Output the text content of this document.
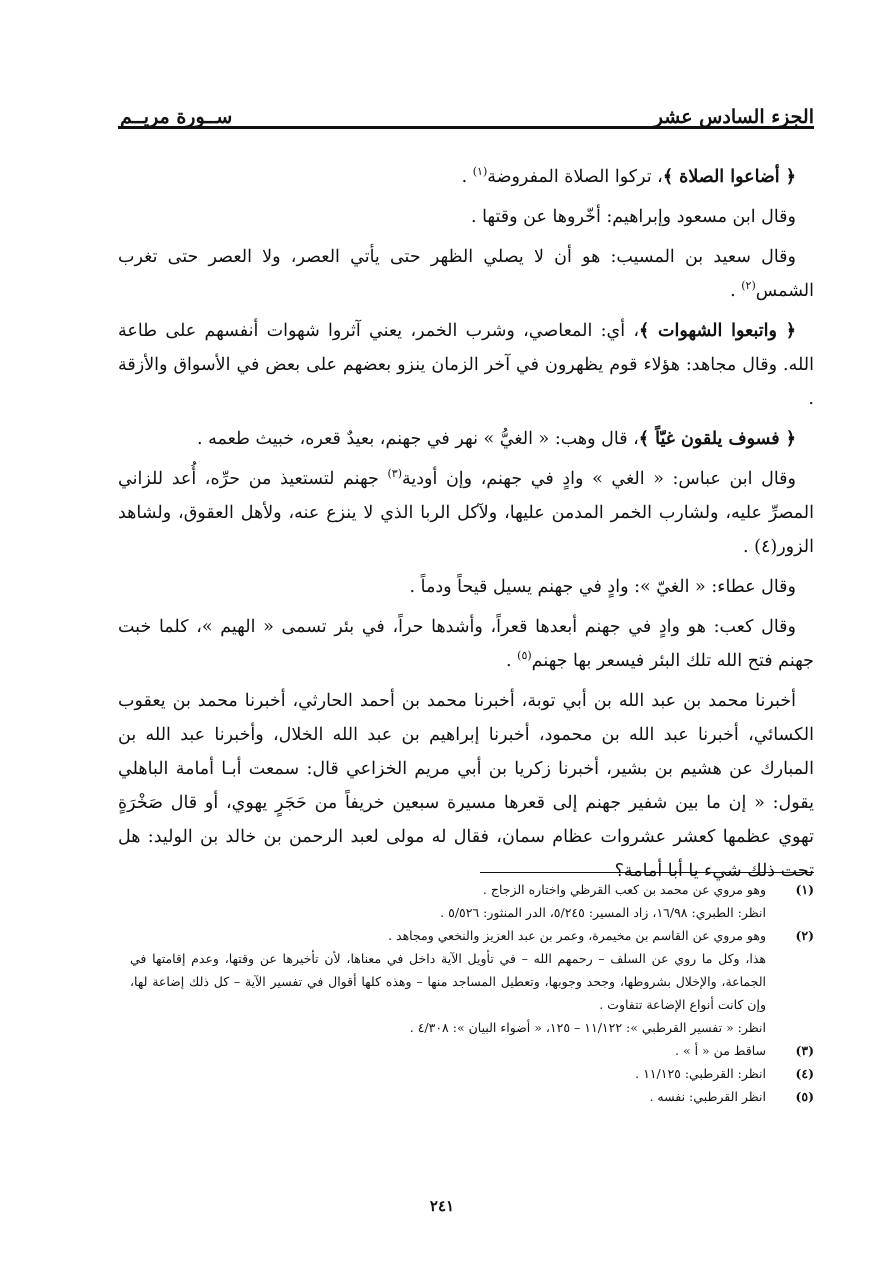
الجزء السادس عشر
ســورة مريــم

﴿ أضاعوا الصلاة ﴾، تركوا الصلاة المفروضة$^{(١)}$ .

وقال ابن مسعود وإبراهيم: أخّروها عن وقتها .

وقال سعيد بن المسيب: هو أن لا يصلي الظهر حتى يأتي العصر، ولا العصر حتى تغرب الشمس$^{(٢)}$ .

﴿ واتبعوا الشهوات ﴾، أي: المعاصي، وشرب الخمر، يعني آثروا شهوات أنفسهم على طاعة الله. وقال مجاهد: هؤلاء قوم يظهرون في آخر الزمان ينزو بعضهم على بعض في الأسواق والأزقة .

﴿ فسوف يلقون غيّاً ﴾، قال وهب: « الغيُّ » نهر في جهنم، بعيدٌ قعره، خبيث طعمه .

وقال ابن عباس: « الغي » وادٍ في جهنم، وإن أودية$^{(٣)}$ جهنم لتستعيذ من حرِّه، أُعد للزاني المصرِّ عليه، ولشارب الخمر المدمن عليها، ولآكل الربا الذي لا ينزع عنه، ولأهل العقوق، ولشاهد الزور(٤) .

وقال عطاء: « الغيّ »: وادٍ في جهنم يسيل قيحاً ودماً .

وقال كعب: هو وادٍ في جهنم أبعدها قعراً، وأشدها حراً، في بئر تسمى « الهيم »، كلما خبت جهنم فتح الله تلك البئر فيسعر بها جهنم$^{(٥)}$ .

أخبرنا محمد بن عبد الله بن أبي توبة، أخبرنا محمد بن أحمد الحارثي، أخبرنا محمد بن يعقوب الكسائي، أخبرنا عبد الله بن محمود، أخبرنا إبراهيم بن عبد الله الخلال، وأخبرنا عبد الله بن المبارك عن هشيم بن بشير، أخبرنا زكريا بن أبي مريم الخزاعي قال: سمعت أبـا أمامة الباهلي يقول: « إن ما بين شفير جهنم إلى قعرها مسيرة سبعين خريفاً من حَجَرٍ يهوي، أو قال صَخْرَةٍ تهوي عظمها كعشر عشروات عظام سمان، فقال له مولى لعبد الرحمن بن خالد بن الوليد: هل تحت ذلك شيء يا أبا أمامة؟

(١)
وهو مروي عن محمد بن كعب القرظي واختاره الزجاج .
انظر: الطبري: ١٦/٩٨، زاد المسير: ٥/٢٤٥، الدر المنثور: ٥/٥٢٦ .
(٢)
وهو مروي عن القاسم بن مخيمرة، وعمر بن عبد العزيز والنخعي ومجاهد .
هذا، وكل ما روي عن السلف – رحمهم الله – في تأويل الآية داخل في معناها، لأن تأخيرها عن وقتها، وعدم إقامتها في الجماعة، والإخلال بشروطها، وجحد وجوبها، وتعطيل المساجد منها – وهذه كلها أقوال في تفسير الآية – كل ذلك إضاعة لها، وإن كانت أنواع الإضاعة تتفاوت .
انظر: « تفسير القرطبي »: ١١/١٢٢ – ١٢٥، « أضواء البيان »: ٤/٣٠٨ .
(٣)
ساقط من « أ » .
(٤)
انظر: القرطبي: ١١/١٢٥ .
(٥)
انظر القرطبي: نفسه .
٢٤١
